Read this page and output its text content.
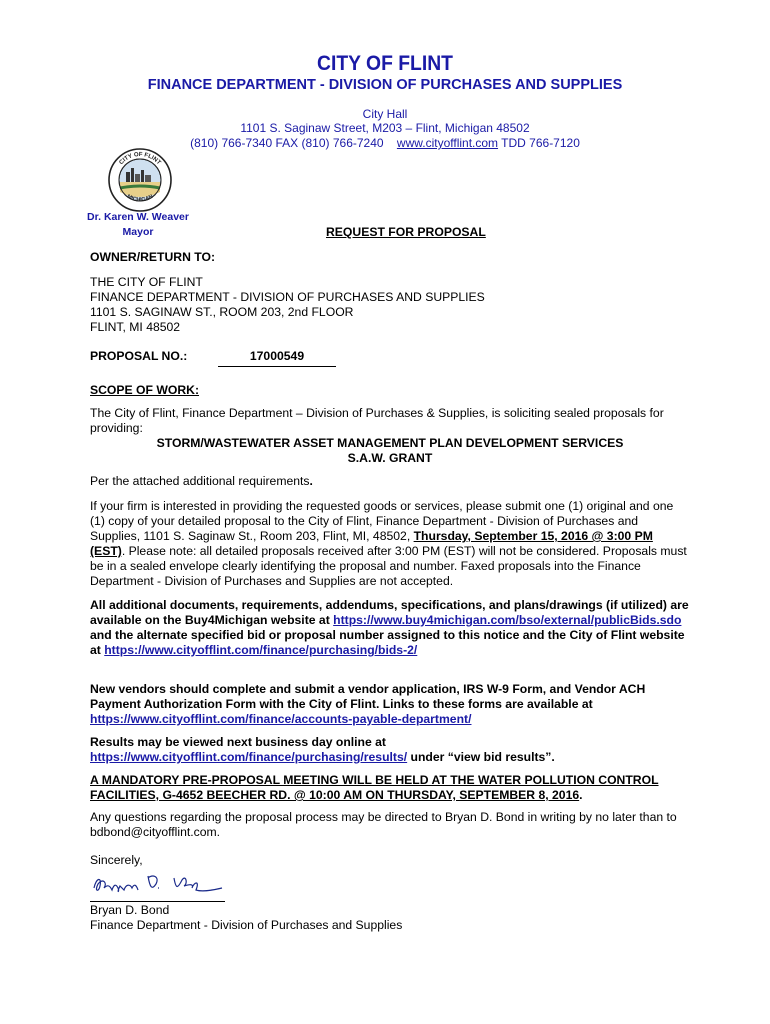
CITY OF FLINT
FINANCE DEPARTMENT - DIVISION OF PURCHASES AND SUPPLIES
City Hall
1101 S. Saginaw Street, M203 – Flint, Michigan 48502
(810) 766-7340 FAX (810) 766-7240 www.cityofflint.com TDD 766-7120
CITY OF FLINT
MICHIGAN
Dr. Karen W. Weaver
Mayor	REQUEST FOR PROPOSAL
OWNER/RETURN TO:
THE CITY OF FLINT
FINANCE DEPARTMENT - DIVISION OF PURCHASES AND SUPPLIES
1101 S. SAGINAW ST., ROOM 203, 2nd FLOOR
FLINT, MI 48502
PROPOSAL NO.:	17000549
SCOPE OF WORK:
The City of Flint, Finance Department – Division of Purchases & Supplies, is soliciting sealed proposals for providing:
STORM/WASTEWATER ASSET MANAGEMENT PLAN DEVELOPMENT SERVICES
S.A.W. GRANT
Per the attached additional requirements.
If your firm is interested in providing the requested goods or services, please submit one (1) original and one (1) copy of your detailed proposal to the City of Flint, Finance Department - Division of Purchases and Supplies, 1101 S. Saginaw St., Room 203, Flint, MI, 48502, Thursday, September 15, 2016 @ 3:00 PM (EST). Please note: all detailed proposals received after 3:00 PM (EST) will not be considered. Proposals must be in a sealed envelope clearly identifying the proposal and number. Faxed proposals into the Finance Department - Division of Purchases and Supplies are not accepted.
All additional documents, requirements, addendums, specifications, and plans/drawings (if utilized) are available on the Buy4Michigan website at https://www.buy4michigan.com/bso/external/publicBids.sdo and the alternate specified bid or proposal number assigned to this notice and the City of Flint website at https://www.cityofflint.com/finance/purchasing/bids-2/
New vendors should complete and submit a vendor application, IRS W-9 Form, and Vendor ACH Payment Authorization Form with the City of Flint. Links to these forms are available at https://www.cityofflint.com/finance/accounts-payable-department/
Results may be viewed next business day online at
https://www.cityofflint.com/finance/purchasing/results/ under “view bid results”.
A MANDATORY PRE-PROPOSAL MEETING WILL BE HELD AT THE WATER POLLUTION CONTROL FACILITIES, G-4652 BEECHER RD. @ 10:00 AM ON THURSDAY, SEPTEMBER 8, 2016.
Any questions regarding the proposal process may be directed to Bryan D. Bond in writing by no later than to bdbond@cityofflint.com.
Sincerely,
Bryan D. Bond
Finance Department - Division of Purchases and Supplies
